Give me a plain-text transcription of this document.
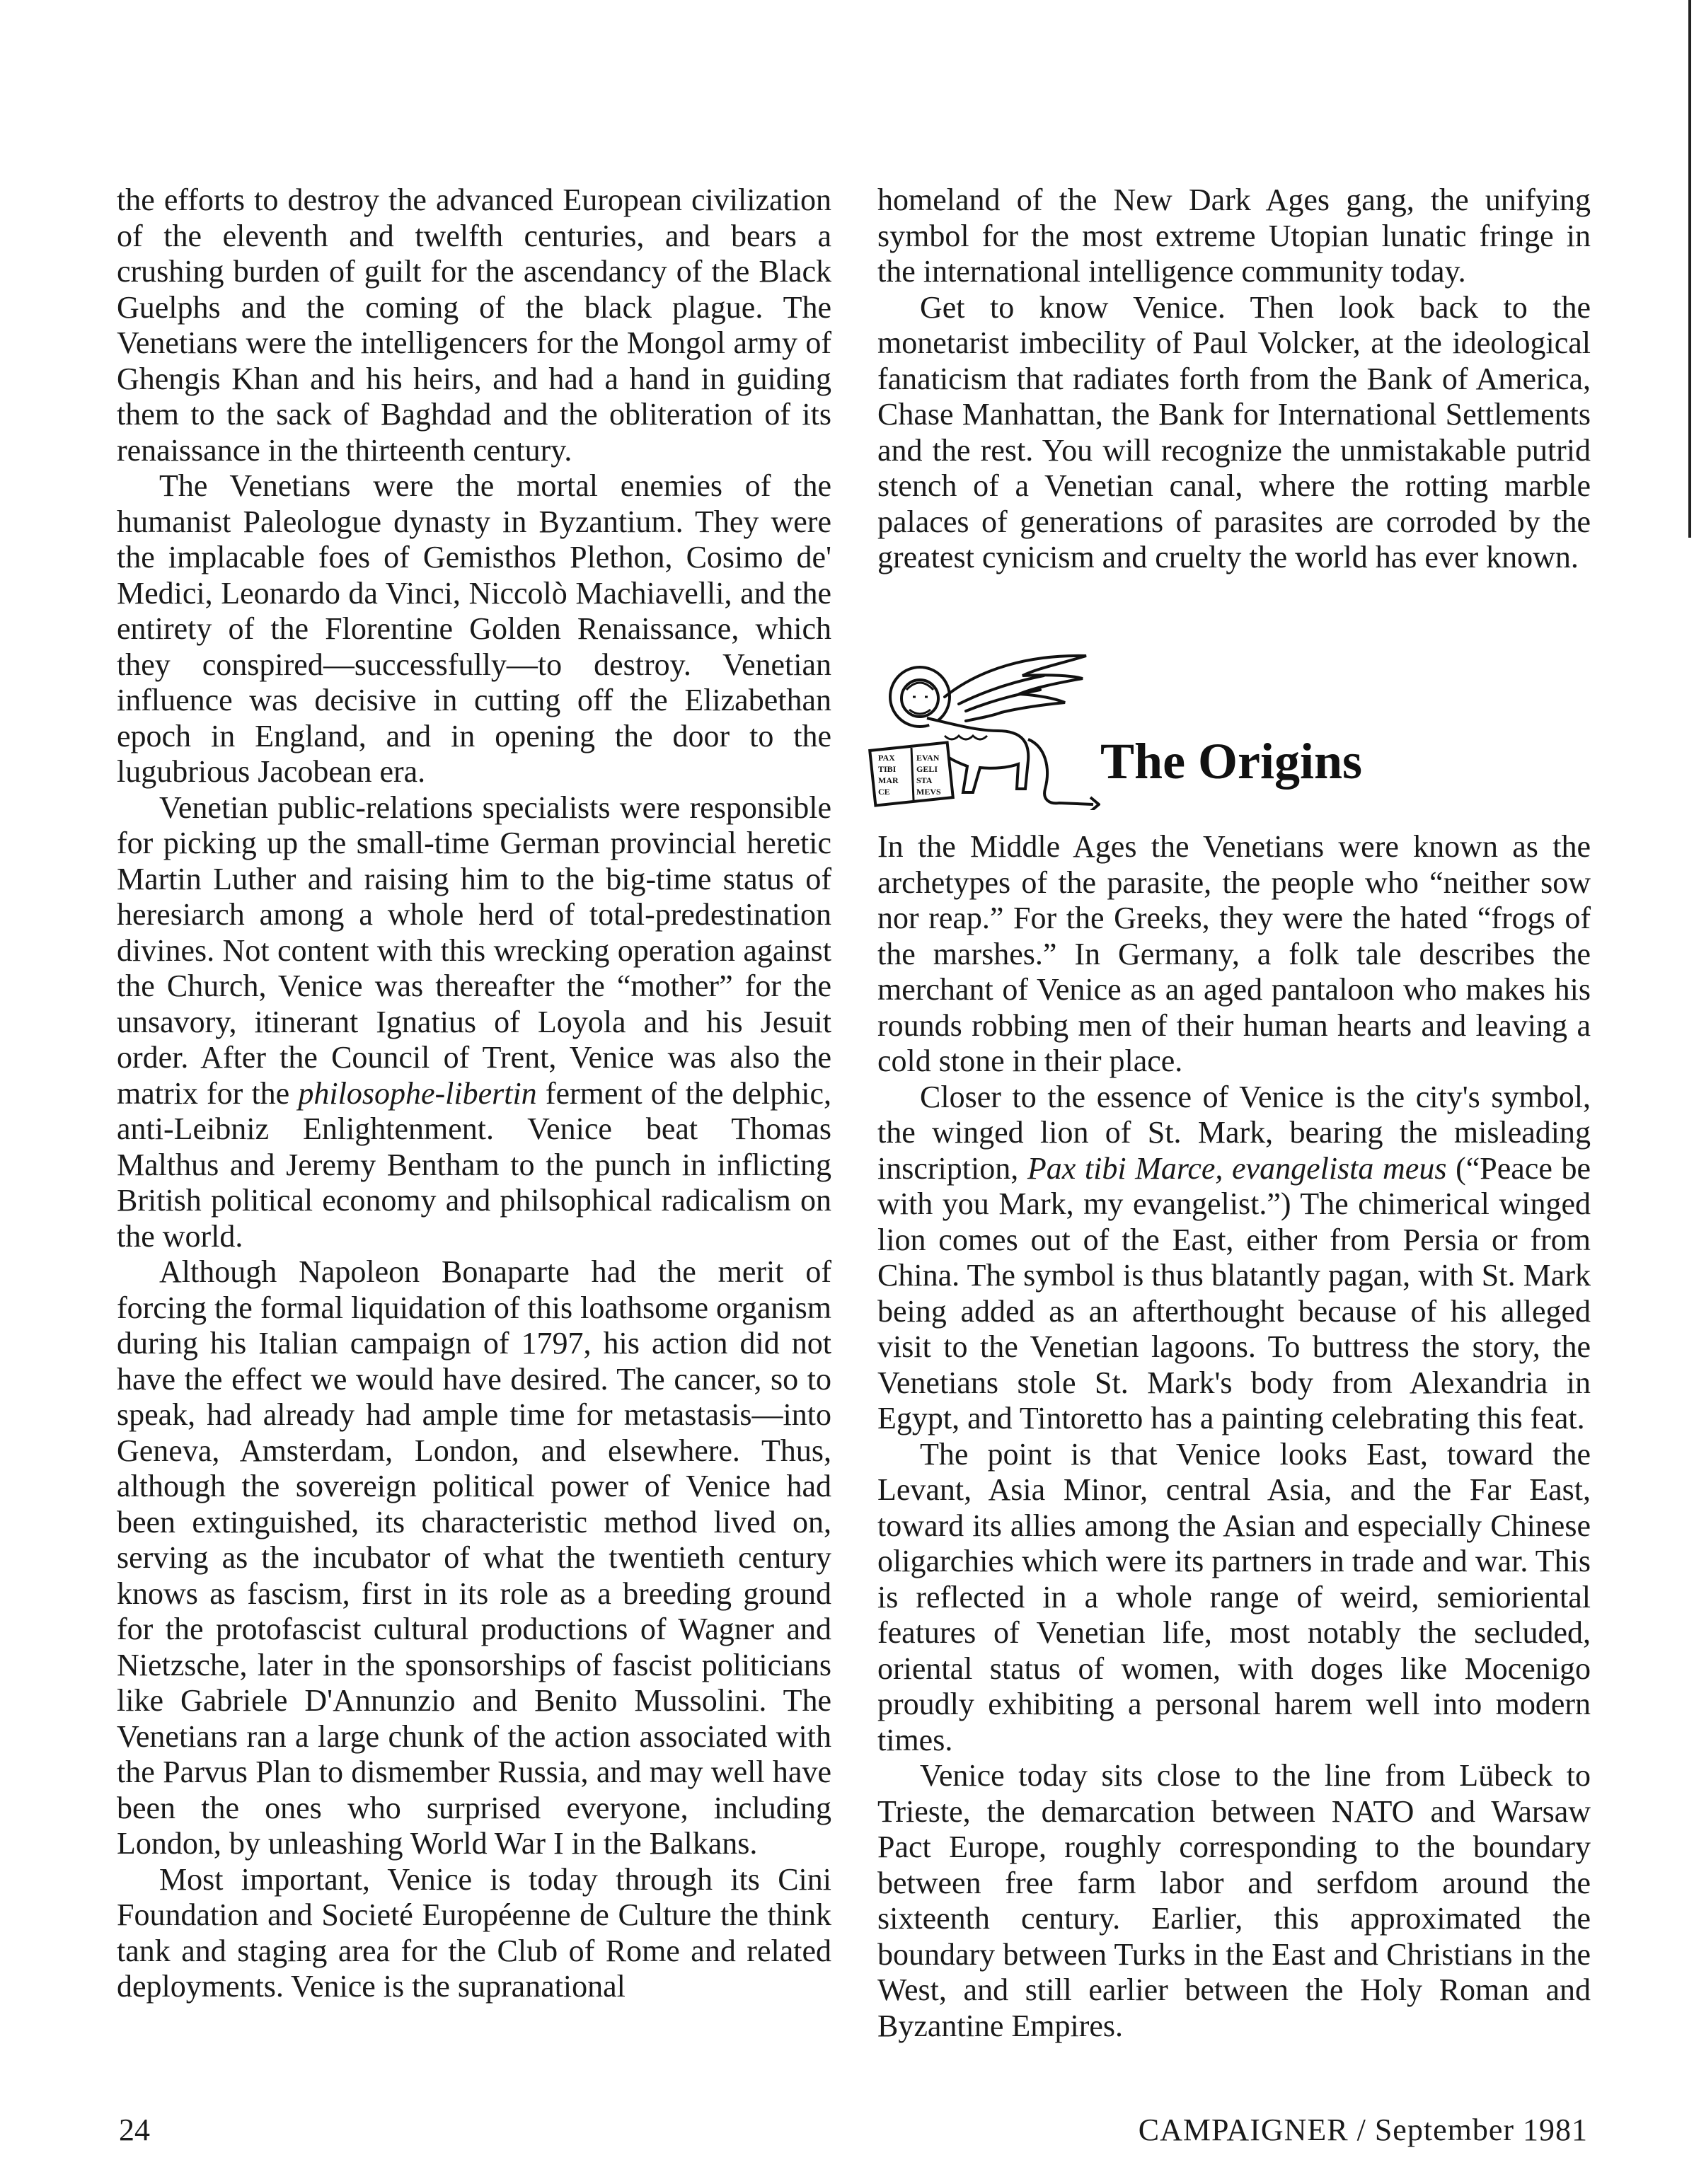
the efforts to destroy the advanced European civilization of the eleventh and twelfth centuries, and bears a crushing burden of guilt for the ascendancy of the Black Guelphs and the coming of the black plague. The Venetians were the intelligencers for the Mongol army of Ghengis Khan and his heirs, and had a hand in guiding them to the sack of Baghdad and the obliteration of its renaissance in the thirteenth century.

The Venetians were the mortal enemies of the humanist Paleologue dynasty in Byzantium. They were the implacable foes of Gemisthos Plethon, Cosimo de' Medici, Leonardo da Vinci, Niccolò Machiavelli, and the entirety of the Florentine Golden Renaissance, which they conspired—successfully—to destroy. Venetian influence was decisive in cutting off the Elizabethan epoch in England, and in opening the door to the lugubrious Jacobean era.

Venetian public-relations specialists were responsible for picking up the small-time German provincial heretic Martin Luther and raising him to the big-time status of heresiarch among a whole herd of total-predestination divines. Not content with this wrecking operation against the Church, Venice was thereafter the “mother” for the unsavory, itinerant Ignatius of Loyola and his Jesuit order. After the Council of Trent, Venice was also the matrix for the philosophe-libertin ferment of the delphic, anti-Leibniz Enlightenment. Venice beat Thomas Malthus and Jeremy Bentham to the punch in inflicting British political economy and philsophical radicalism on the world.

Although Napoleon Bonaparte had the merit of forcing the formal liquidation of this loathsome organism during his Italian campaign of 1797, his action did not have the effect we would have desired. The cancer, so to speak, had already had ample time for metastasis—into Geneva, Amsterdam, London, and elsewhere. Thus, although the sovereign political power of Venice had been extinguished, its characteristic method lived on, serving as the incubator of what the twentieth century knows as fascism, first in its role as a breeding ground for the protofascist cultural productions of Wagner and Nietzsche, later in the sponsorships of fascist politicians like Gabriele D'Annunzio and Benito Mussolini. The Venetians ran a large chunk of the action associated with the Parvus Plan to dismember Russia, and may well have been the ones who surprised everyone, including London, by unleashing World War I in the Balkans.

Most important, Venice is today through its Cini Foundation and Societé Européenne de Culture the think tank and staging area for the Club of Rome and related deployments. Venice is the supranational

homeland of the New Dark Ages gang, the unifying symbol for the most extreme Utopian lunatic fringe in the international intelligence community today.

Get to know Venice. Then look back to the monetarist imbecility of Paul Volcker, at the ideological fanaticism that radiates forth from the Bank of America, Chase Manhattan, the Bank for International Settlements and the rest. You will recognize the unmistakable putrid stench of a Venetian canal, where the rotting marble palaces of generations of parasites are corroded by the greatest cynicism and cruelty the world has ever known.

PAX
TIBI
MAR
CE
EVAN
GELI
STA
MEVS
The Origins

In the Middle Ages the Venetians were known as the archetypes of the parasite, the people who “neither sow nor reap.” For the Greeks, they were the hated “frogs of the marshes.” In Germany, a folk tale describes the merchant of Venice as an aged pantaloon who makes his rounds robbing men of their human hearts and leaving a cold stone in their place.

Closer to the essence of Venice is the city's symbol, the winged lion of St. Mark, bearing the misleading inscription, Pax tibi Marce, evangelista meus (“Peace be with you Mark, my evangelist.”) The chimerical winged lion comes out of the East, either from Persia or from China. The symbol is thus blatantly pagan, with St. Mark being added as an afterthought because of his alleged visit to the Venetian lagoons. To buttress the story, the Venetians stole St. Mark's body from Alexandria in Egypt, and Tintoretto has a painting celebrating this feat.

The point is that Venice looks East, toward the Levant, Asia Minor, central Asia, and the Far East, toward its allies among the Asian and especially Chinese oligarchies which were its partners in trade and war. This is reflected in a whole range of weird, semioriental features of Venetian life, most notably the secluded, oriental status of women, with doges like Mocenigo proudly exhibiting a personal harem well into modern times.

Venice today sits close to the line from Lübeck to Trieste, the demarcation between NATO and Warsaw Pact Europe, roughly corresponding to the boundary between free farm labor and serfdom around the sixteenth century. Earlier, this approximated the boundary between Turks in the East and Christians in the West, and still earlier between the Holy Roman and Byzantine Empires.

24	CAMPAIGNER / September 1981
